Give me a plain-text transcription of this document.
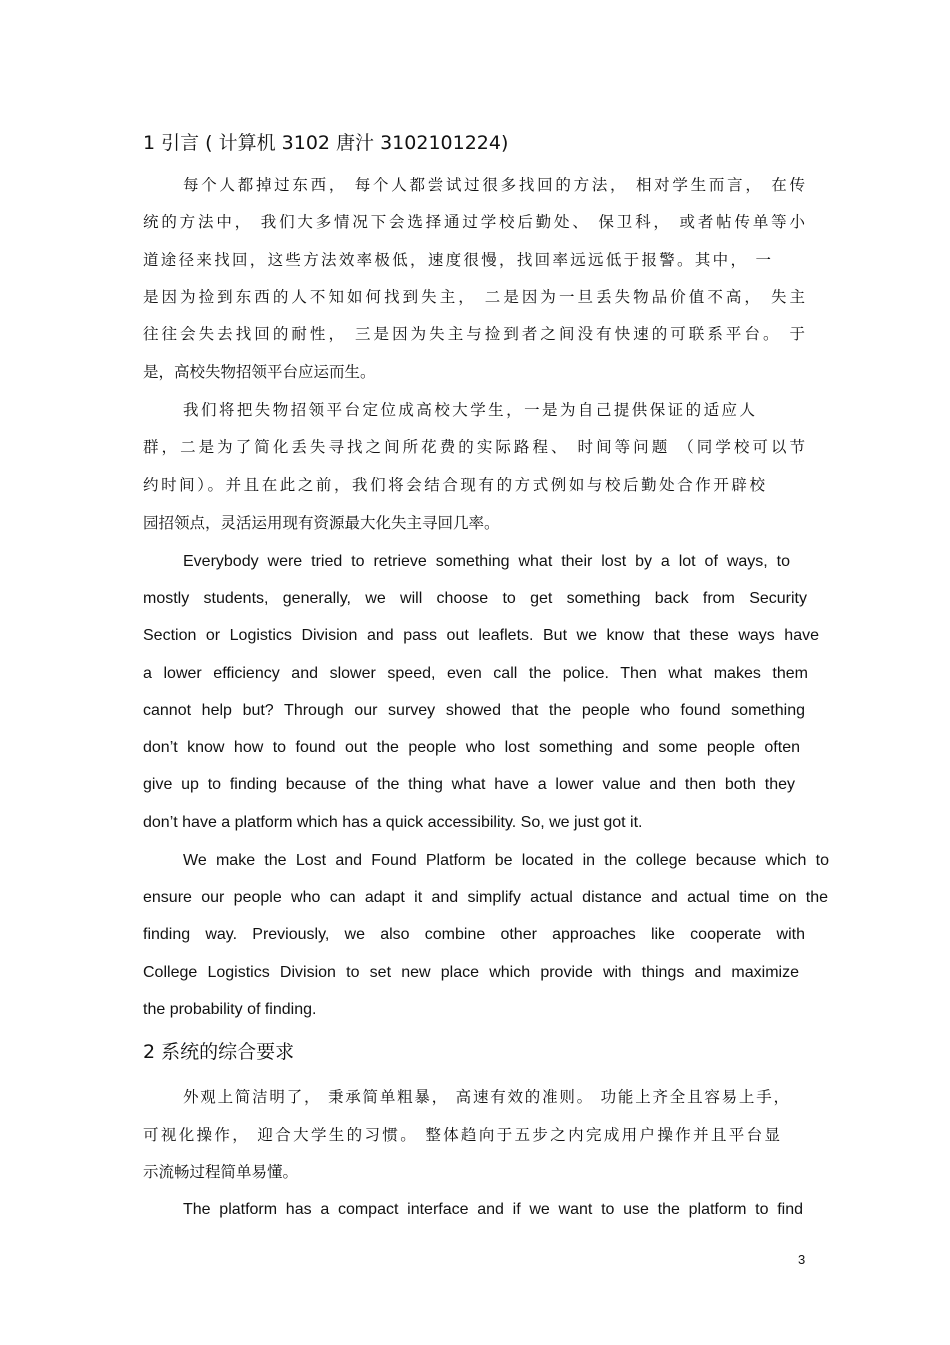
1 引言 ( 计算机 3102 唐汁 3102101224)
每个人都掉过东西， 每个人都尝试过很多找回的方法， 相对学生而言， 在传
统的方法中， 我们大多情况下会选择通过学校后勤处、 保卫科， 或者帖传单等小
道途径来找回，这些方法效率极低，速度很慢，找回率远远低于报警。其中， 一
是因为捡到东西的人不知如何找到失主， 二是因为一旦丢失物品价值不高， 失主
往往会失去找回的耐性， 三是因为失主与捡到者之间没有快速的可联系平台。 于
是，高校失物招领平台应运而生。
我们将把失物招领平台定位成高校大学生，一是为自己提供保证的适应人
群，二是为了简化丢失寻找之间所花费的实际路程、 时间等问题 （同学校可以节
约时间）。并且在此之前，我们将会结合现有的方式例如与校后勤处合作开辟校
园招领点，灵活运用现有资源最大化失主寻回几率。
Everybody were tried to retrieve something what their lost by a lot of ways, to
mostly students, generally, we will choose to get something back from Security
Section or Logistics Division and pass out leaflets. But we know that these ways have
a lower efficiency and slower speed, even call the police. Then what makes them
cannot help but? Through our survey showed that the people who found something
don’t know how to found out the people who lost something and some people often
give up to finding because of the thing what have a lower value and then both they
don’t have a platform which has a quick accessibility. So, we just got it.
We make the Lost and Found Platform be located in the college because which to
ensure our people who can adapt it and simplify actual distance and actual time on the
finding way. Previously, we also combine other approaches like cooperate with
College Logistics Division to set new place which provide with things and maximize
the probability of finding.
2 系统的综合要求
外观上简洁明了， 秉承简单粗暴， 高速有效的准则。 功能上齐全且容易上手，
可视化操作， 迎合大学生的习惯。 整体趋向于五步之内完成用户操作并且平台显
示流畅过程简单易懂。
The platform has a compact interface and if we want to use the platform to find
3
